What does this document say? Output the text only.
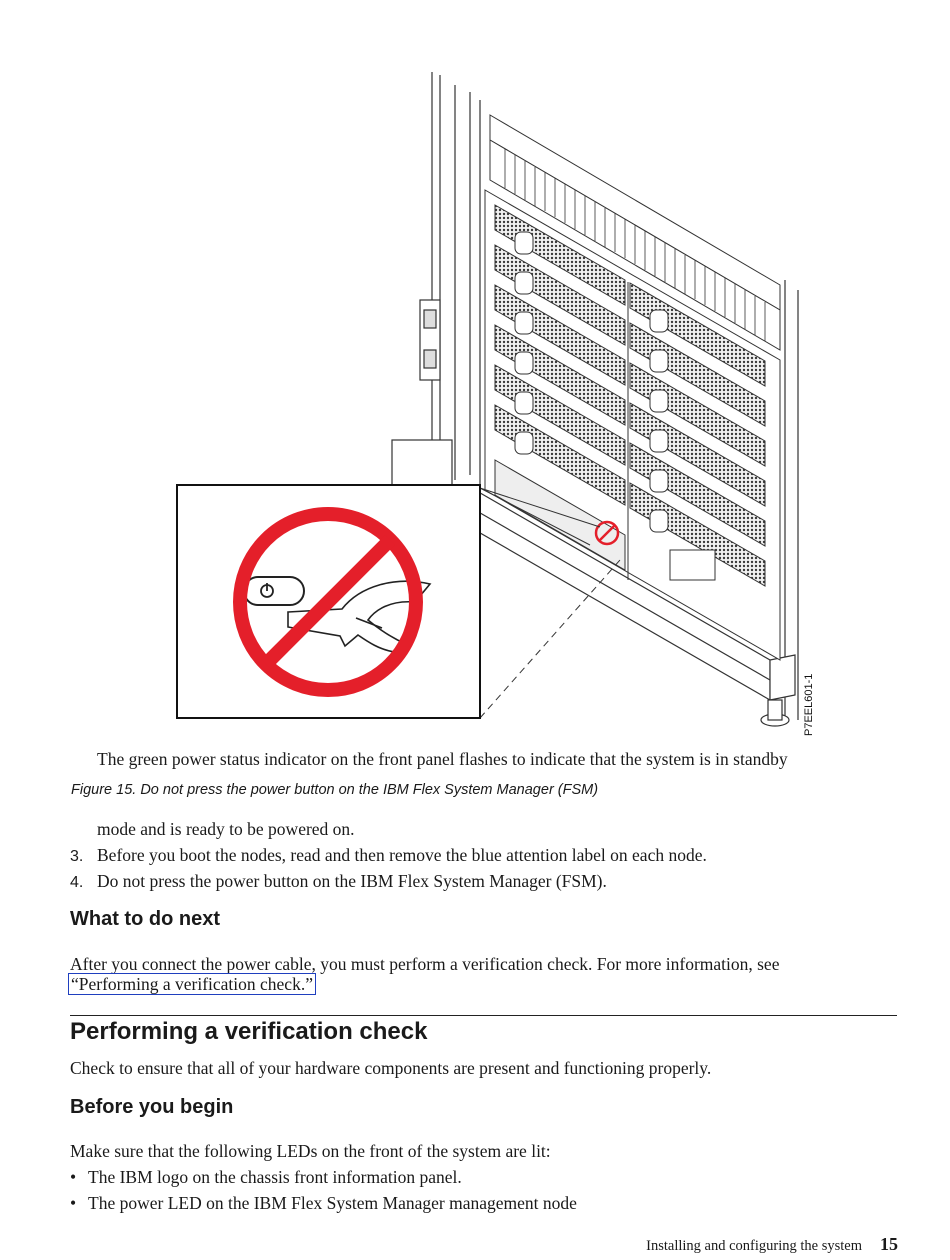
P7EEL601-1
The green power status indicator on the front panel flashes to indicate that the system is in standby
Figure 15. Do not press the power button on the IBM Flex System Manager (FSM)
mode and is ready to be powered on.
3. Before you boot the nodes, read and then remove the blue attention label on each node.
4. Do not press the power button on the IBM Flex System Manager (FSM).
What to do next
After you connect the power cable, you must perform a verification check. For more information, see
“Performing a verification check.”
Performing a verification check
Check to ensure that all of your hardware components are present and functioning properly.
Before you begin
Make sure that the following LEDs on the front of the system are lit:
• The IBM logo on the chassis front information panel.
• The power LED on the IBM Flex System Manager management node
Installing and configuring the system 15
